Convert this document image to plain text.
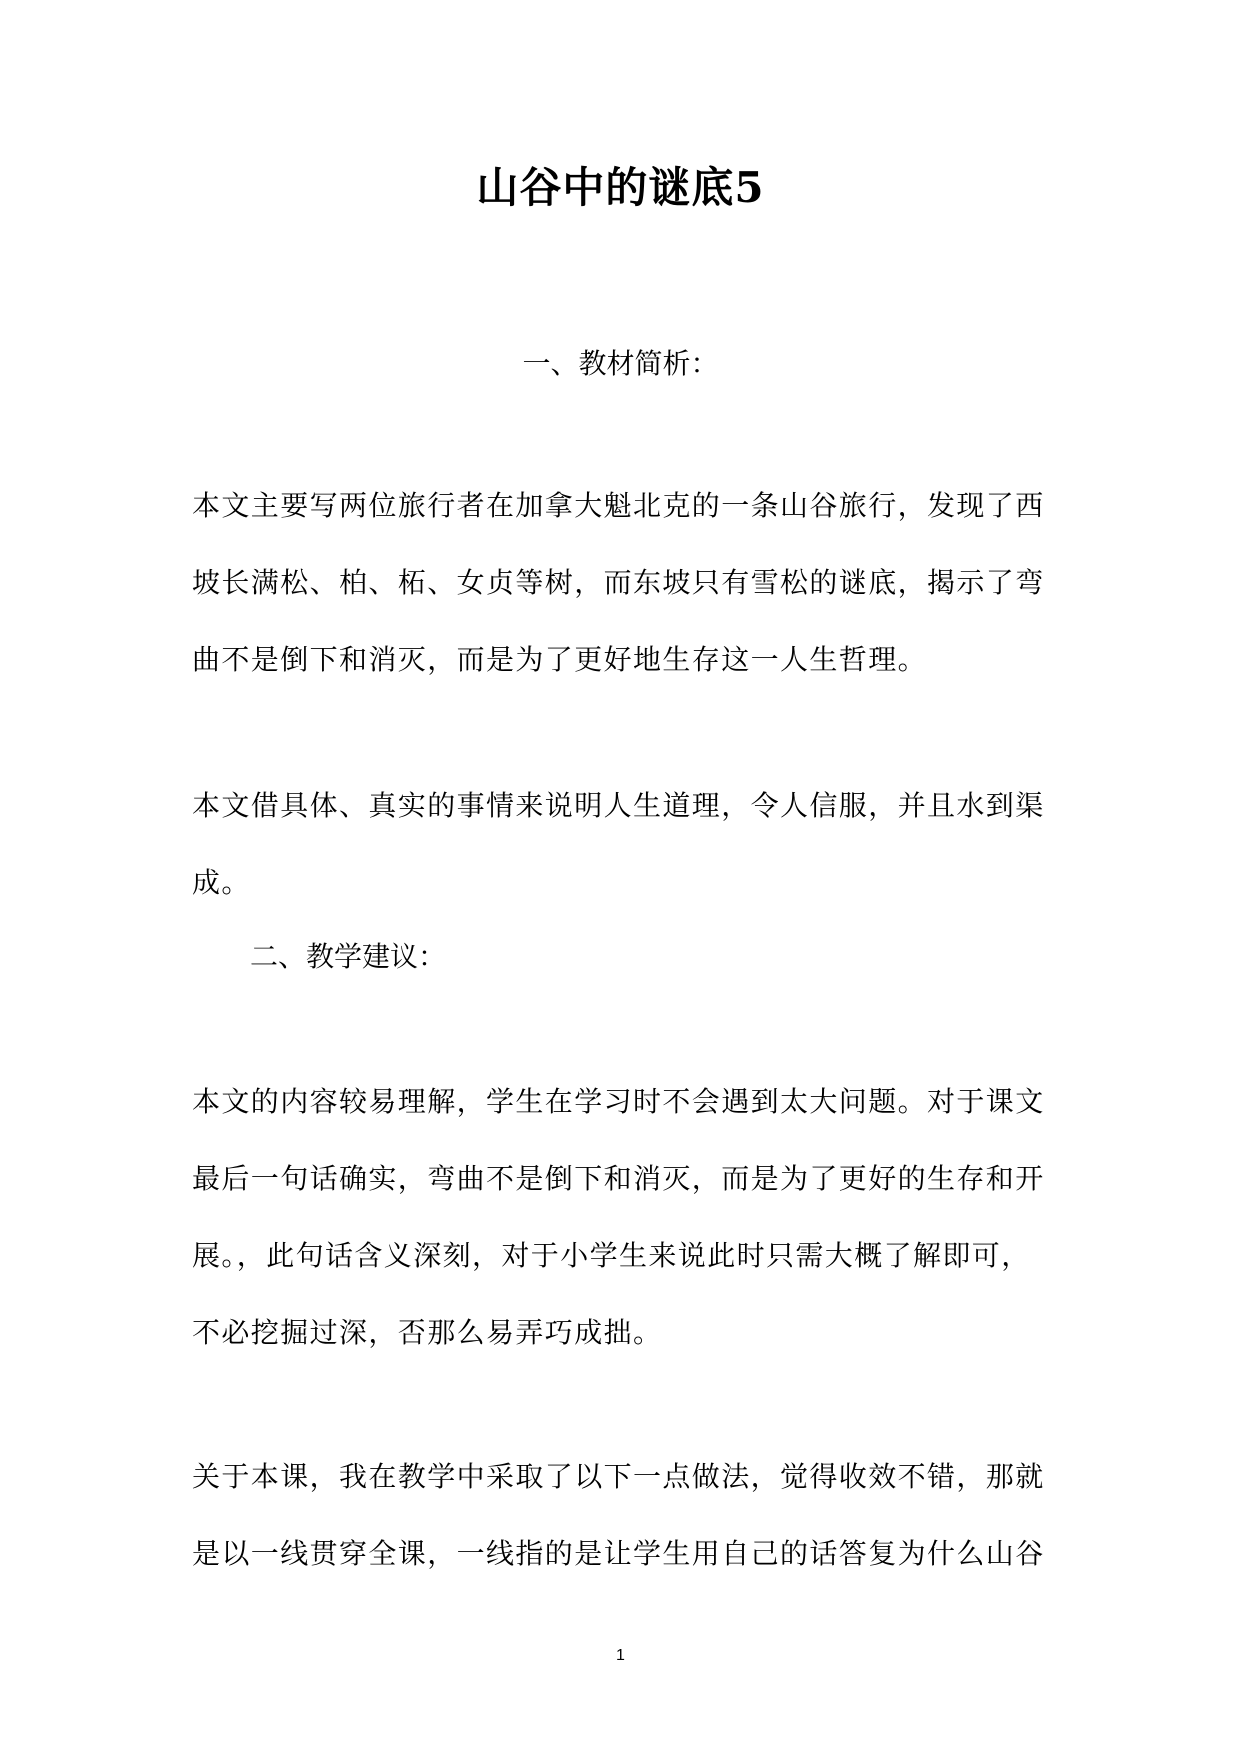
山谷中的谜底5
一、教材简析：
本文主要写两位旅行者在加拿大魁北克的一条山谷旅行，发现了西
坡长满松、柏、柘、女贞等树，而东坡只有雪松的谜底，揭示了弯
曲不是倒下和消灭，而是为了更好地生存这一人生哲理。
本文借具体、真实的事情来说明人生道理，令人信服，并且水到渠
成。
二、教学建议：
本文的内容较易理解，学生在学习时不会遇到太大问题。对于课文
最后一句话确实，弯曲不是倒下和消灭，而是为了更好的生存和开
展。，此句话含义深刻，对于小学生来说此时只需大概了解即可，
不必挖掘过深，否那么易弄巧成拙。
关于本课，我在教学中采取了以下一点做法，觉得收效不错，那就
是以一线贯穿全课，一线指的是让学生用自己的话答复为什么山谷
1
